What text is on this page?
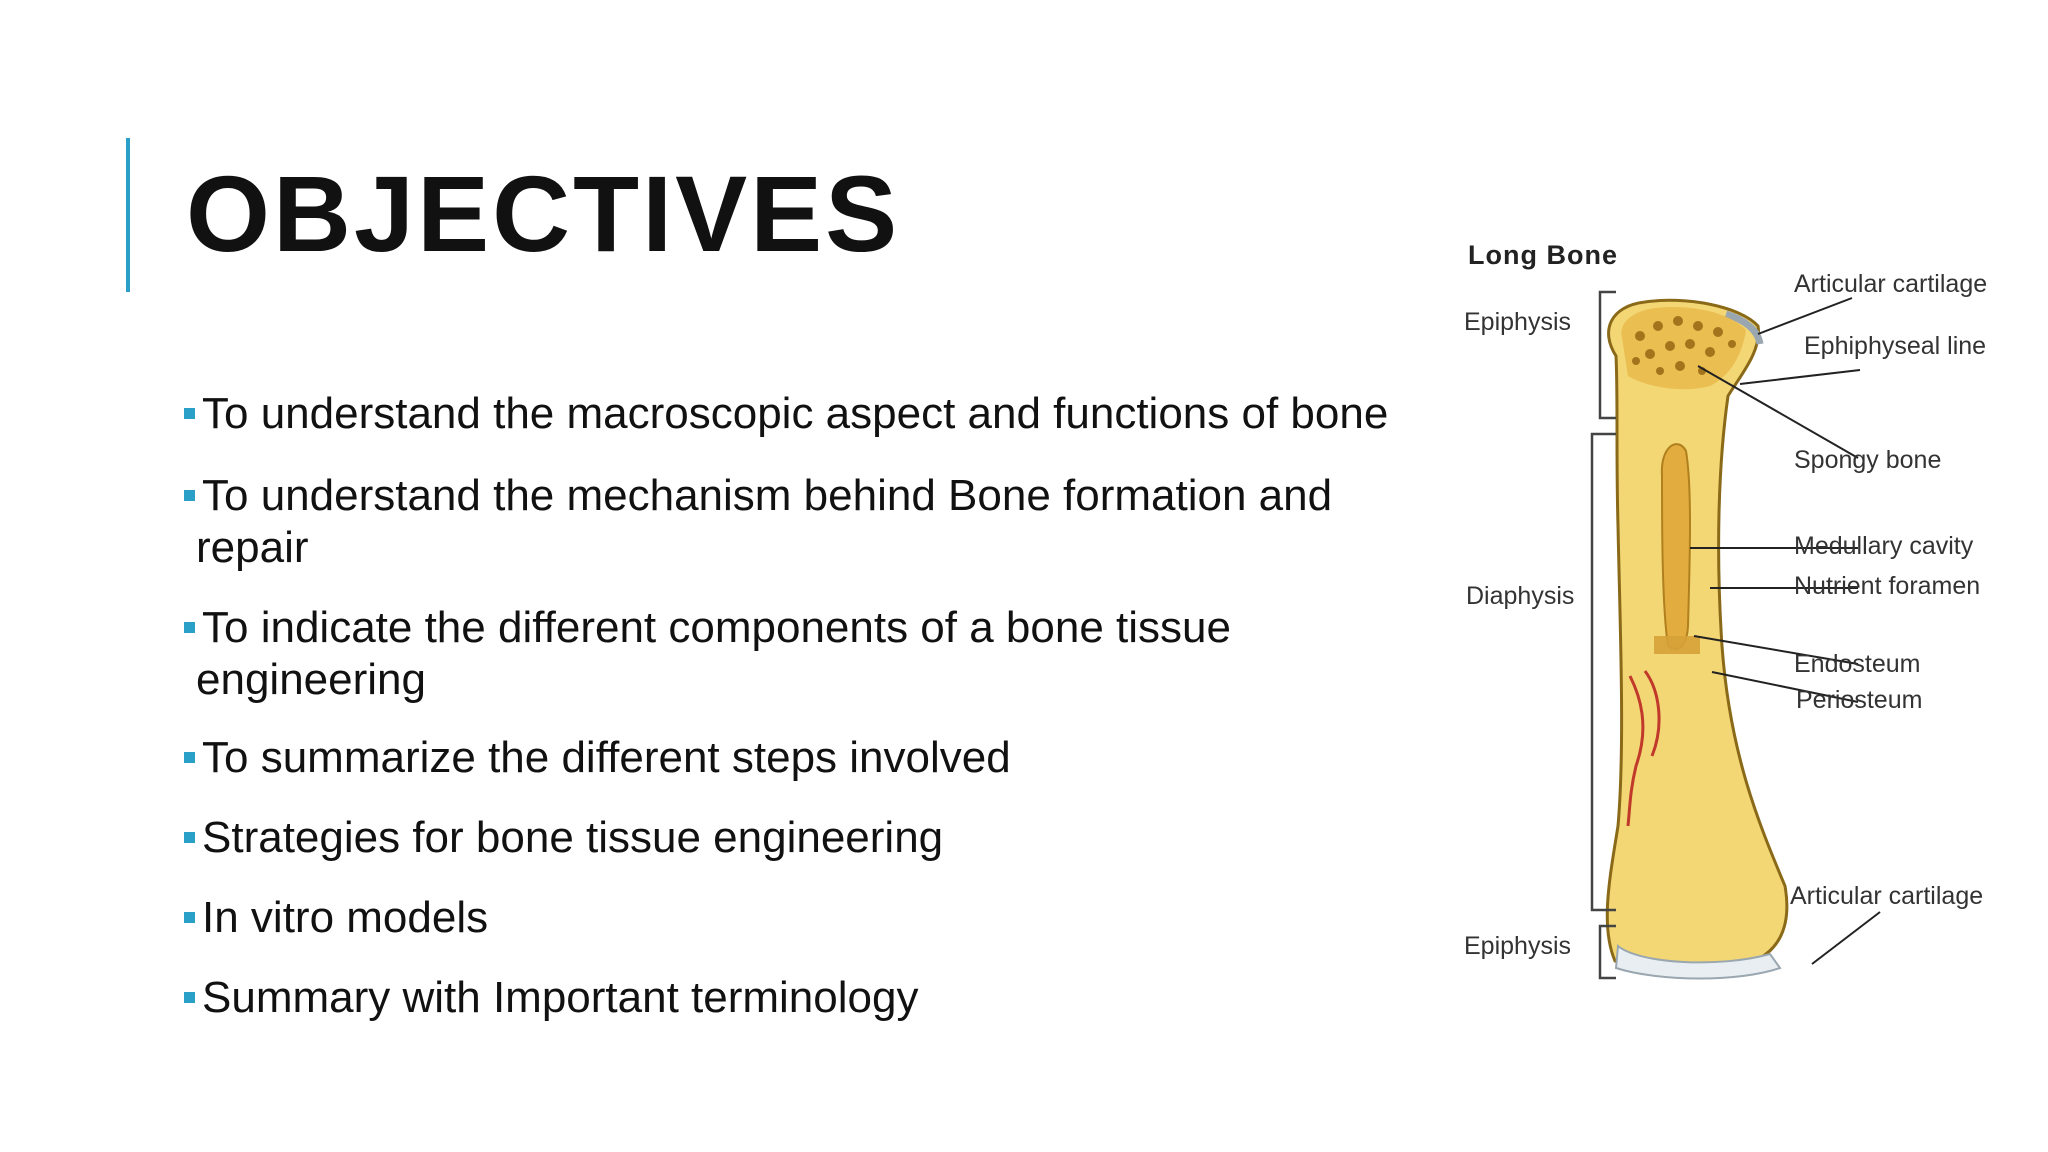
OBJECTIVES
To understand the macroscopic aspect and functions of bone
To understand the mechanism behind Bone formation and
repair
To indicate the different components of a bone tissue
engineering
To summarize the different steps involved
Strategies for bone tissue engineering
In vitro models
Summary with Important terminology
Long Bone
Epiphysis
Diaphysis
Epiphysis
Articular cartilage
Ephiphyseal line
Spongy bone
Medullary cavity
Nutrient foramen
Endosteum
Periosteum
Articular cartilage
